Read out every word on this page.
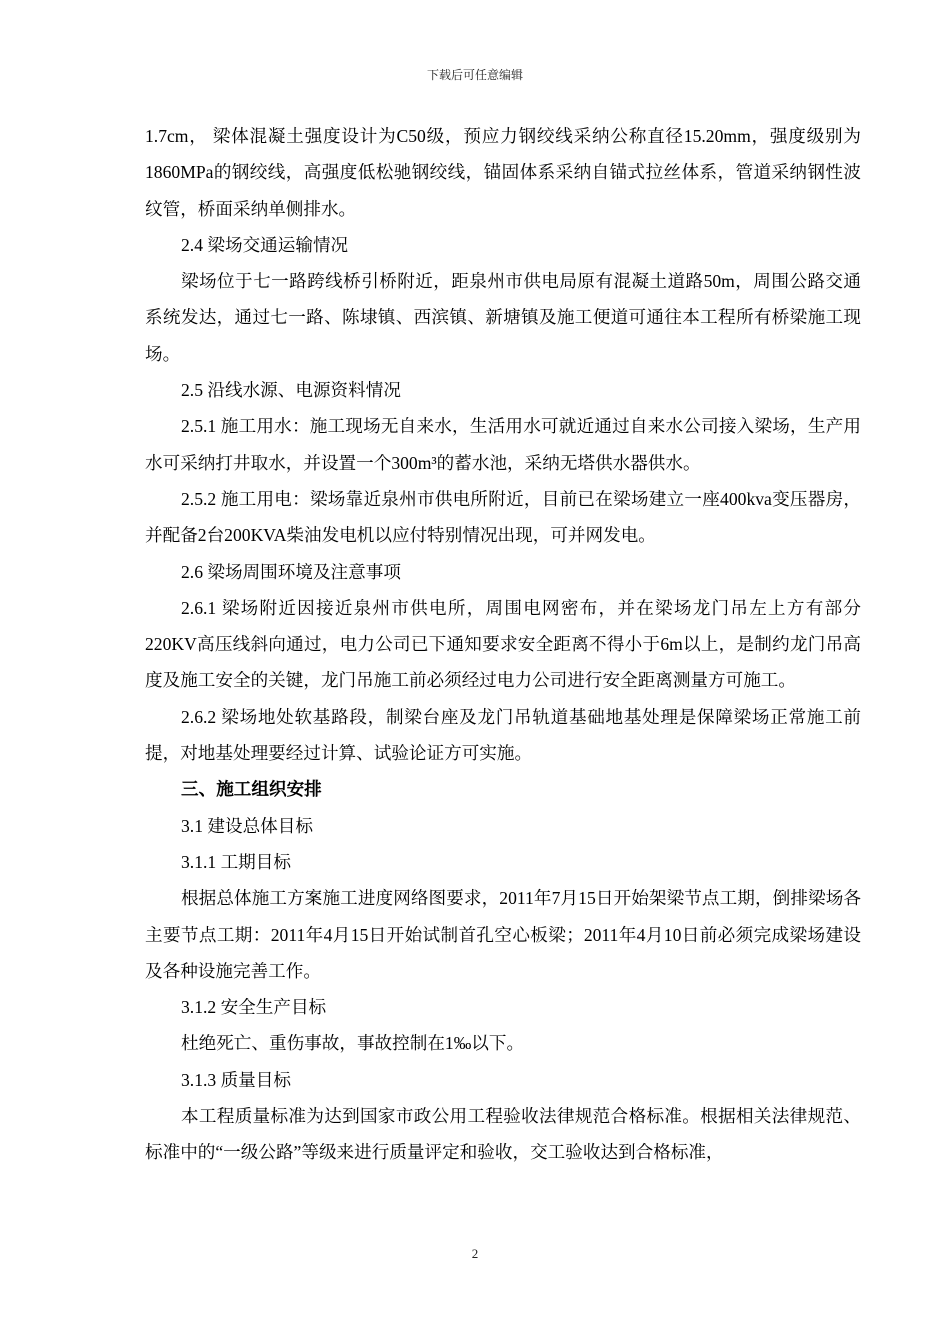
下载后可任意编辑

1.7cm， 梁体混凝土强度设计为C50级，预应力钢绞线采纳公称直径15.20mm，强度级别为1860MPa的钢绞线，高强度低松驰钢绞线，锚固体系采纳自锚式拉丝体系，管道采纳钢性波纹管，桥面采纳单侧排水。

2.4 梁场交通运输情况

梁场位于七一路跨线桥引桥附近，距泉州市供电局原有混凝土道路50m，周围公路交通系统发达，通过七一路、陈埭镇、西滨镇、新塘镇及施工便道可通往本工程所有桥梁施工现场。

2.5 沿线水源、电源资料情况

2.5.1 施工用水：施工现场无自来水，生活用水可就近通过自来水公司接入梁场，生产用水可采纳打井取水，并设置一个300m³的蓄水池，采纳无塔供水器供水。

2.5.2 施工用电：梁场靠近泉州市供电所附近，目前已在梁场建立一座400kva变压器房，并配备2台200KVA柴油发电机以应付特别情况出现，可并网发电。

2.6 梁场周围环境及注意事项

2.6.1 梁场附近因接近泉州市供电所，周围电网密布，并在梁场龙门吊左上方有部分220KV高压线斜向通过，电力公司已下通知要求安全距离不得小于6m以上，是制约龙门吊高度及施工安全的关键，龙门吊施工前必须经过电力公司进行安全距离测量方可施工。

2.6.2 梁场地处软基路段，制梁台座及龙门吊轨道基础地基处理是保障梁场正常施工前提，对地基处理要经过计算、试验论证方可实施。

三、施工组织安排

3.1 建设总体目标

3.1.1 工期目标

根据总体施工方案施工进度网络图要求，2011年7月15日开始架梁节点工期，倒排梁场各主要节点工期：2011年4月15日开始试制首孔空心板梁；2011年4月10日前必须完成梁场建设及各种设施完善工作。

3.1.2 安全生产目标

杜绝死亡、重伤事故，事故控制在1‰以下。

3.1.3 质量目标

本工程质量标准为达到国家市政公用工程验收法律规范合格标准。根据相关法律规范、标准中的“一级公路”等级来进行质量评定和验收，交工验收达到合格标准，

2
